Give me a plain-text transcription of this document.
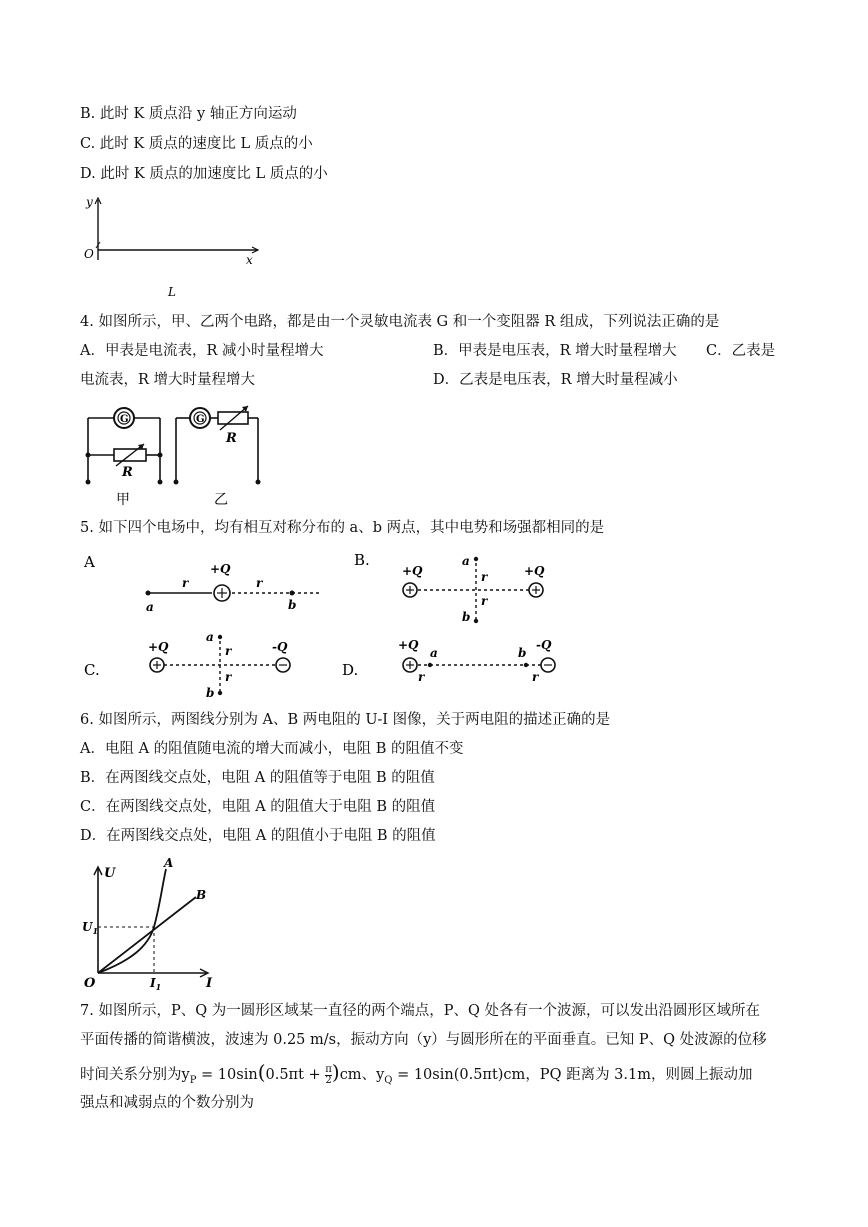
B. 此时 K 质点沿 y 轴正方向运动
C. 此时 K 质点的速度比 L 质点的小
D. 此时 K 质点的加速度比 L 质点的小
y
O	x
L
4. 如图所示，甲、乙两个电路，都是由一个灵敏电流表 G 和一个变阻器 R 组成，下列说法正确的是
A．甲表是电流表，R 减小时量程增大	B．甲表是电压表，R 增大时量程增大 C．乙表是
电流表，R 增大时量程增大	D．乙表是电压表，R 增大时量程减小
G
R
甲
G
R
乙
5. 如下四个电场中，均有相互对称分布的 a、b 两点，其中电势和场强都相同的是
A	+Q
a	b
r	r
B.
+Q	+Q
a
b
r
r
C.
+Q	-Q
a
b
r
r	D.
+Q	-Q
a	b
r	r
6. 如图所示，两图线分别为 A、B 两电阻的 U-I 图像，关于两电阻的描述正确的是
A．电阻 A 的阻值随电流的增大而减小，电阻 B 的阻值不变
B．在两图线交点处，电阻 A 的阻值等于电阻 B 的阻值
C．在两图线交点处，电阻 A 的阻值大于电阻 B 的阻值
D．在两图线交点处，电阻 A 的阻值小于电阻 B 的阻值
U
I
O
A
B
$U_1$
$I_1$
7. 如图所示，P、Q 为一圆形区域某一直径的两个端点，P、Q 处各有一个波源，可以发出沿圆形区域所在
平面传播的简谐横波，波速为 0.25 m/s，振动方向（y）与圆形所在的平面垂直。已知 P、Q 处波源的位移
时间关系分别为$y_P = 10\sin(0.5\pi t + \frac{\pi}{2} )cm$、$y_Q = 10\sin(0.5\pi t)cm$，PQ 距离为 3.1m，则圆上振动加
强点和减弱点的个数分别为
